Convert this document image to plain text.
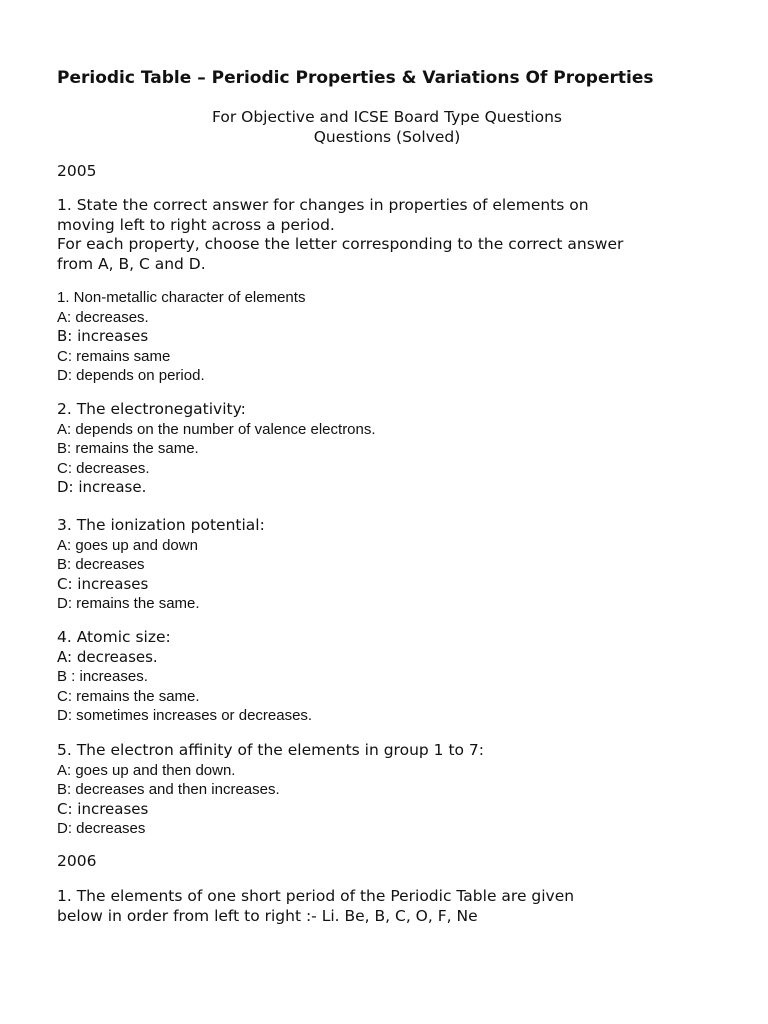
Periodic Table – Periodic Properties & Variations Of Properties
For Objective and ICSE Board Type Questions
Questions (Solved)
2005
1. State the correct answer for changes in properties of elements on
moving left to right across a period.
For each property, choose the letter corresponding to the correct answer
from A, B, C and D.
1. Non-metallic character of elements
A: decreases.
B: increases
C: remains same
D: depends on period.
2. The electronegativity:
A: depends on the number of valence electrons.
B: remains the same.
C: decreases.
D: increase.
3. The ionization potential:
A: goes up and down
B: decreases
C: increases
D: remains the same.
4. Atomic size:
A: decreases.
B : increases.
C: remains the same.
D: sometimes increases or decreases.
5. The electron affinity of the elements in group 1 to 7:
A: goes up and then down.
B: decreases and then increases.
C: increases
D: decreases
2006
1. The elements of one short period of the Periodic Table are given
below in order from left to right :- Li. Be, B, C, O, F, Ne
